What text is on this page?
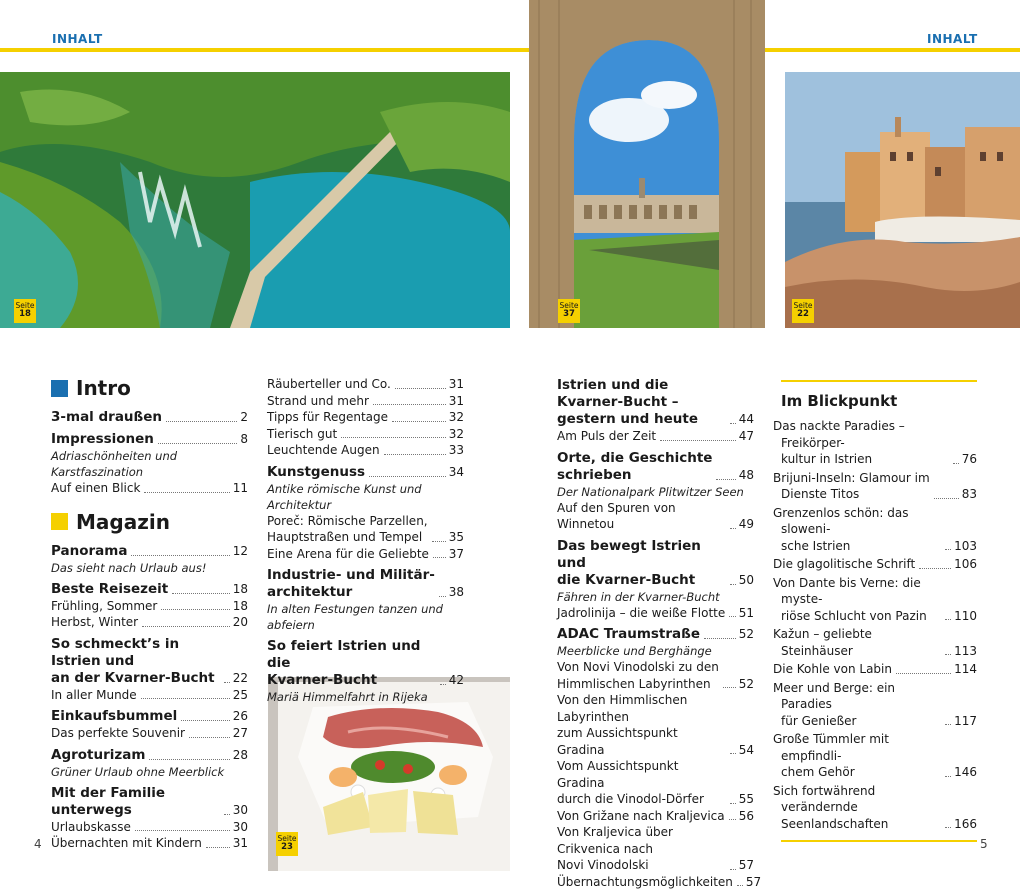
INHALT	INHALT
Seite
18
Seite
37
Seite
22
Seite
23
Intro
3-mal draußen	2
Impressionen	8
Adriaschönheiten und Karstfaszination
Auf einen Blick	11
Magazin
Panorama	12
Das sieht nach Urlaub aus!
Beste Reisezeit	18
Frühling, Sommer	18
Herbst, Winter	20
So schmeckt’s in Istrien und
an der Kvarner-Bucht	22
In aller Munde	25
Einkaufsbummel	26
Das perfekte Souvenir	27
Agroturizam	28
Grüner Urlaub ohne Meerblick
Mit der Familie unterwegs	30
Urlaubskasse	30
Übernachten mit Kindern	31
Räuberteller und Co.	31
Strand und mehr	31
Tipps für Regentage	32
Tierisch gut	32
Leuchtende Augen	33
Kunstgenuss	34
Antike römische Kunst und Architektur
Poreč: Römische Parzellen,
Hauptstraßen und Tempel	35
Eine Arena für die Geliebte 37
Industrie- und Militär-
architektur	38
In alten Festungen tanzen und abfeiern
So feiert Istrien und die
Kvarner-Bucht	42
Mariä Himmelfahrt in Rijeka
Istrien und die Kvarner-Bucht –
gestern und heute	44
Am Puls der Zeit	47
Orte, die Geschichte
schrieben	48
Der Nationalpark Plitwitzer Seen
Auf den Spuren von Winnetou	49
Das bewegt Istrien und
die Kvarner-Bucht	50
Fähren in der Kvarner-Bucht
Jadrolinija – die weiße Flotte 51
ADAC Traumstraße	52
Meerblicke und Berghänge
Von Novi Vinodolski zu den
Himmlischen Labyrinthen	52
Von den Himmlischen Labyrinthen
zum Aussichtspunkt Gradina	54
Vom Aussichtspunkt Gradina
durch die Vinodol-Dörfer	55
Von Grižane nach Kraljevica 56
Von Kraljevica über Crikvenica nach
Novi Vinodolski	57
Übernachtungsmöglichkeiten 57
Im Blickpunkt
Das nackte Paradies – Freikörper-
kultur in Istrien	76
Brijuni-Inseln: Glamour im
Dienste Titos	83
Grenzenlos schön: das sloweni-
sche Istrien	103
Die glagolitische Schrift	106
Von Dante bis Verne: die myste-
riöse Schlucht von Pazin	110
Kažun – geliebte Steinhäuser	113
Die Kohle von Labin	114
Meer und Berge: ein Paradies
für Genießer	117
Große Tümmler mit empfindli-
chem Gehör	146
Sich fortwährend verändernde
Seenlandschaften	166
4	5
